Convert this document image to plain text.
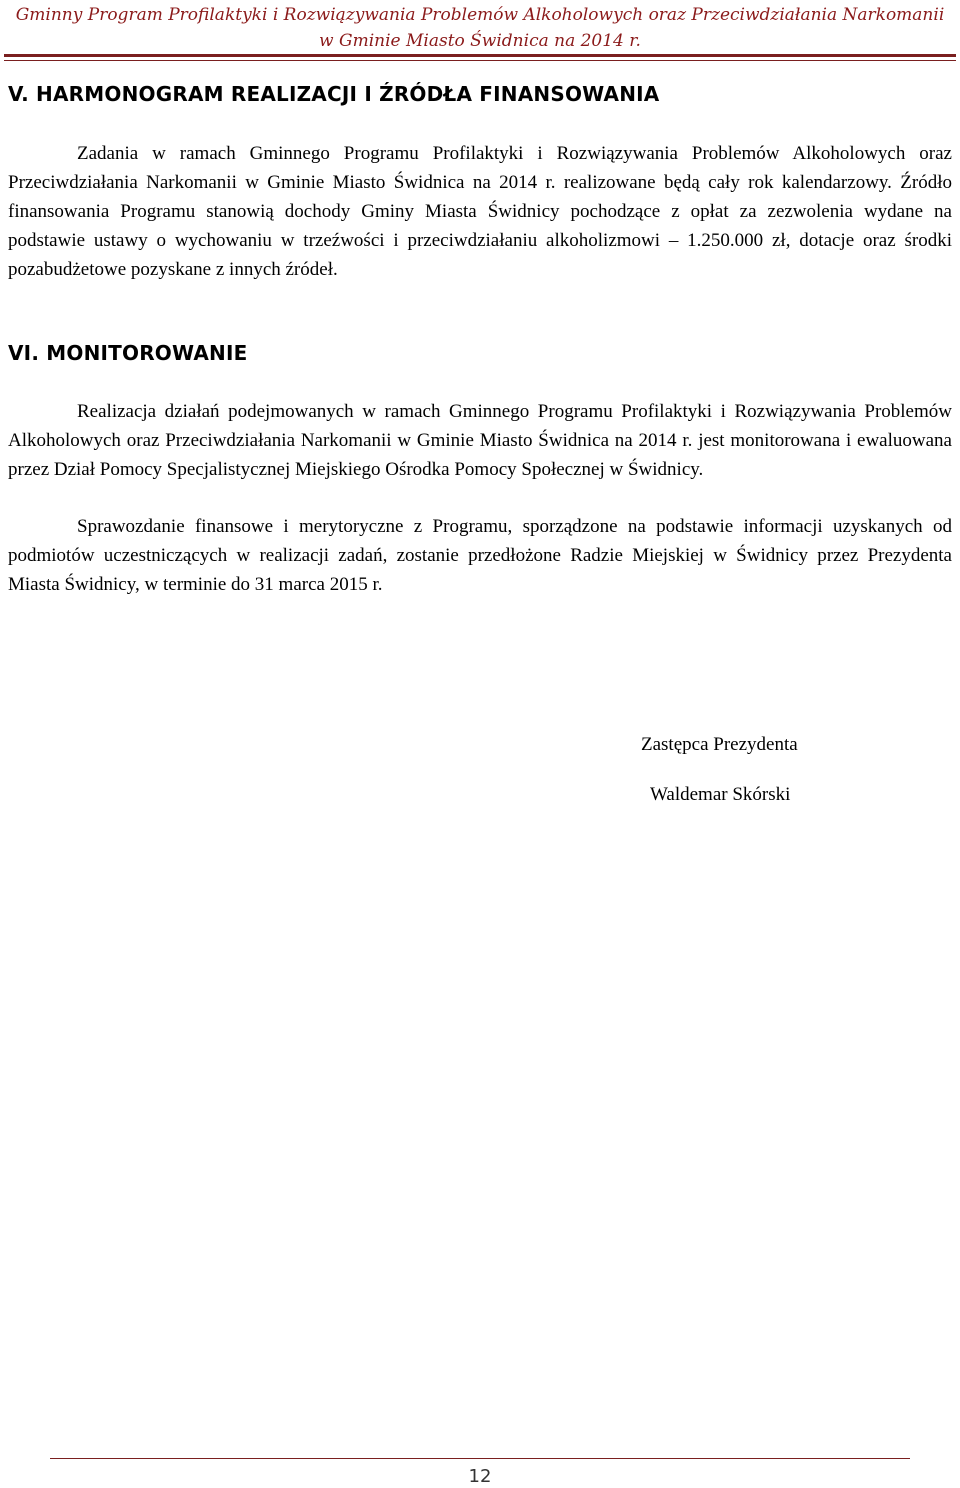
Gminny Program Profilaktyki i Rozwiązywania Problemów Alkoholowych oraz Przeciwdziałania Narkomanii
w Gminie Miasto Świdnica na 2014 r.
V. HARMONOGRAM REALIZACJI I ŹRÓDŁA FINANSOWANIA

Zadania w ramach Gminnego Programu Profilaktyki i Rozwiązywania Problemów Alkoholowych oraz Przeciwdziałania Narkomanii w Gminie Miasto Świdnica na 2014 r. realizowane będą cały rok kalendarzowy. Źródło finansowania Programu stanowią dochody Gminy Miasta Świdnicy pochodzące z opłat za zezwolenia wydane na podstawie ustawy o wychowaniu w trzeźwości i przeciwdziałaniu alkoholizmowi – 1.250.000 zł, dotacje oraz środki pozabudżetowe pozyskane z innych źródeł.

VI. MONITOROWANIE

Realizacja działań podejmowanych w ramach Gminnego Programu Profilaktyki i Rozwiązywania Problemów Alkoholowych oraz Przeciwdziałania Narkomanii w Gminie Miasto Świdnica na 2014 r. jest monitorowana i ewaluowana przez Dział Pomocy Specjalistycznej Miejskiego Ośrodka Pomocy Społecznej w Świdnicy.

Sprawozdanie finansowe i merytoryczne z Programu, sporządzone na podstawie informacji uzyskanych od podmiotów uczestniczących w realizacji zadań, zostanie przedłożone Radzie Miejskiej w Świdnicy przez Prezydenta Miasta Świdnicy, w terminie do 31 marca 2015 r.

Zastępca Prezydenta
Waldemar Skórski
12
